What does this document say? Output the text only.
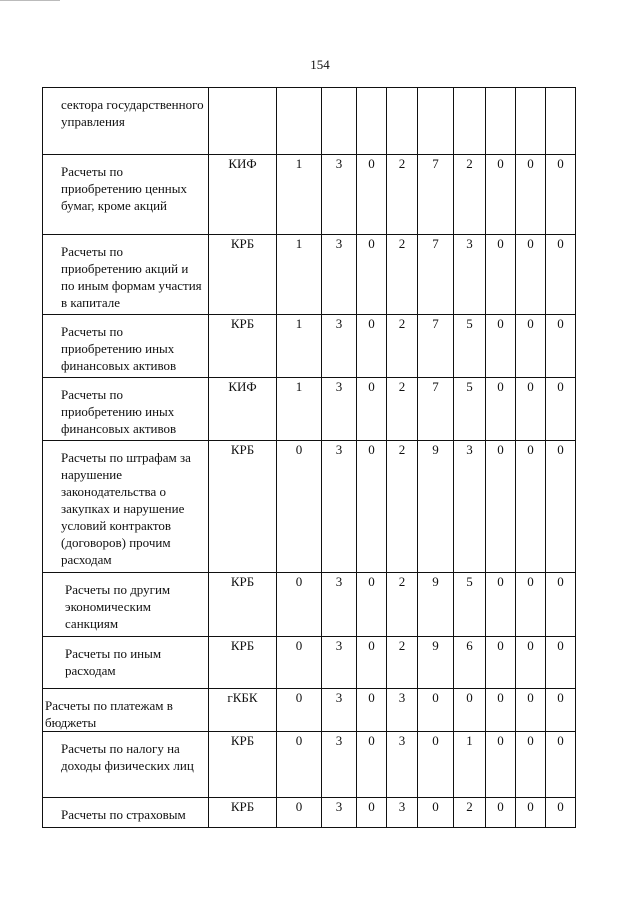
154
сектора государственного управления										

Расчеты по приобретению ценных бумаг, кроме акций	КИФ	1	3	0	2	7	2	0	0	0

Расчеты по приобретению акций и по иным формам участия в капитале	КРБ	1	3	0	2	7	3	0	0	0

Расчеты по приобретению иных финансовых активов	КРБ	1	3	0	2	7	5	0	0	0

Расчеты по приобретению иных финансовых активов	КИФ	1	3	0	2	7	5	0	0	0

Расчеты по штрафам за нарушение законодательства о закупках и нарушение условий контрактов (договоров) прочим расходам	КРБ	0	3	0	2	9	3	0	0	0

Расчеты по другим экономическим санкциям	КРБ	0	3	0	2	9	5	0	0	0

Расчеты по иным расходам	КРБ	0	3	0	2	9	6	0	0	0

Расчеты по платежам в бюджеты	гКБК	0	3	0	3	0	0	0	0	0

Расчеты по налогу на доходы физических лиц	КРБ	0	3	0	3	0	1	0	0	0

Расчеты по страховым	КРБ	0	3	0	3	0	2	0	0	0
